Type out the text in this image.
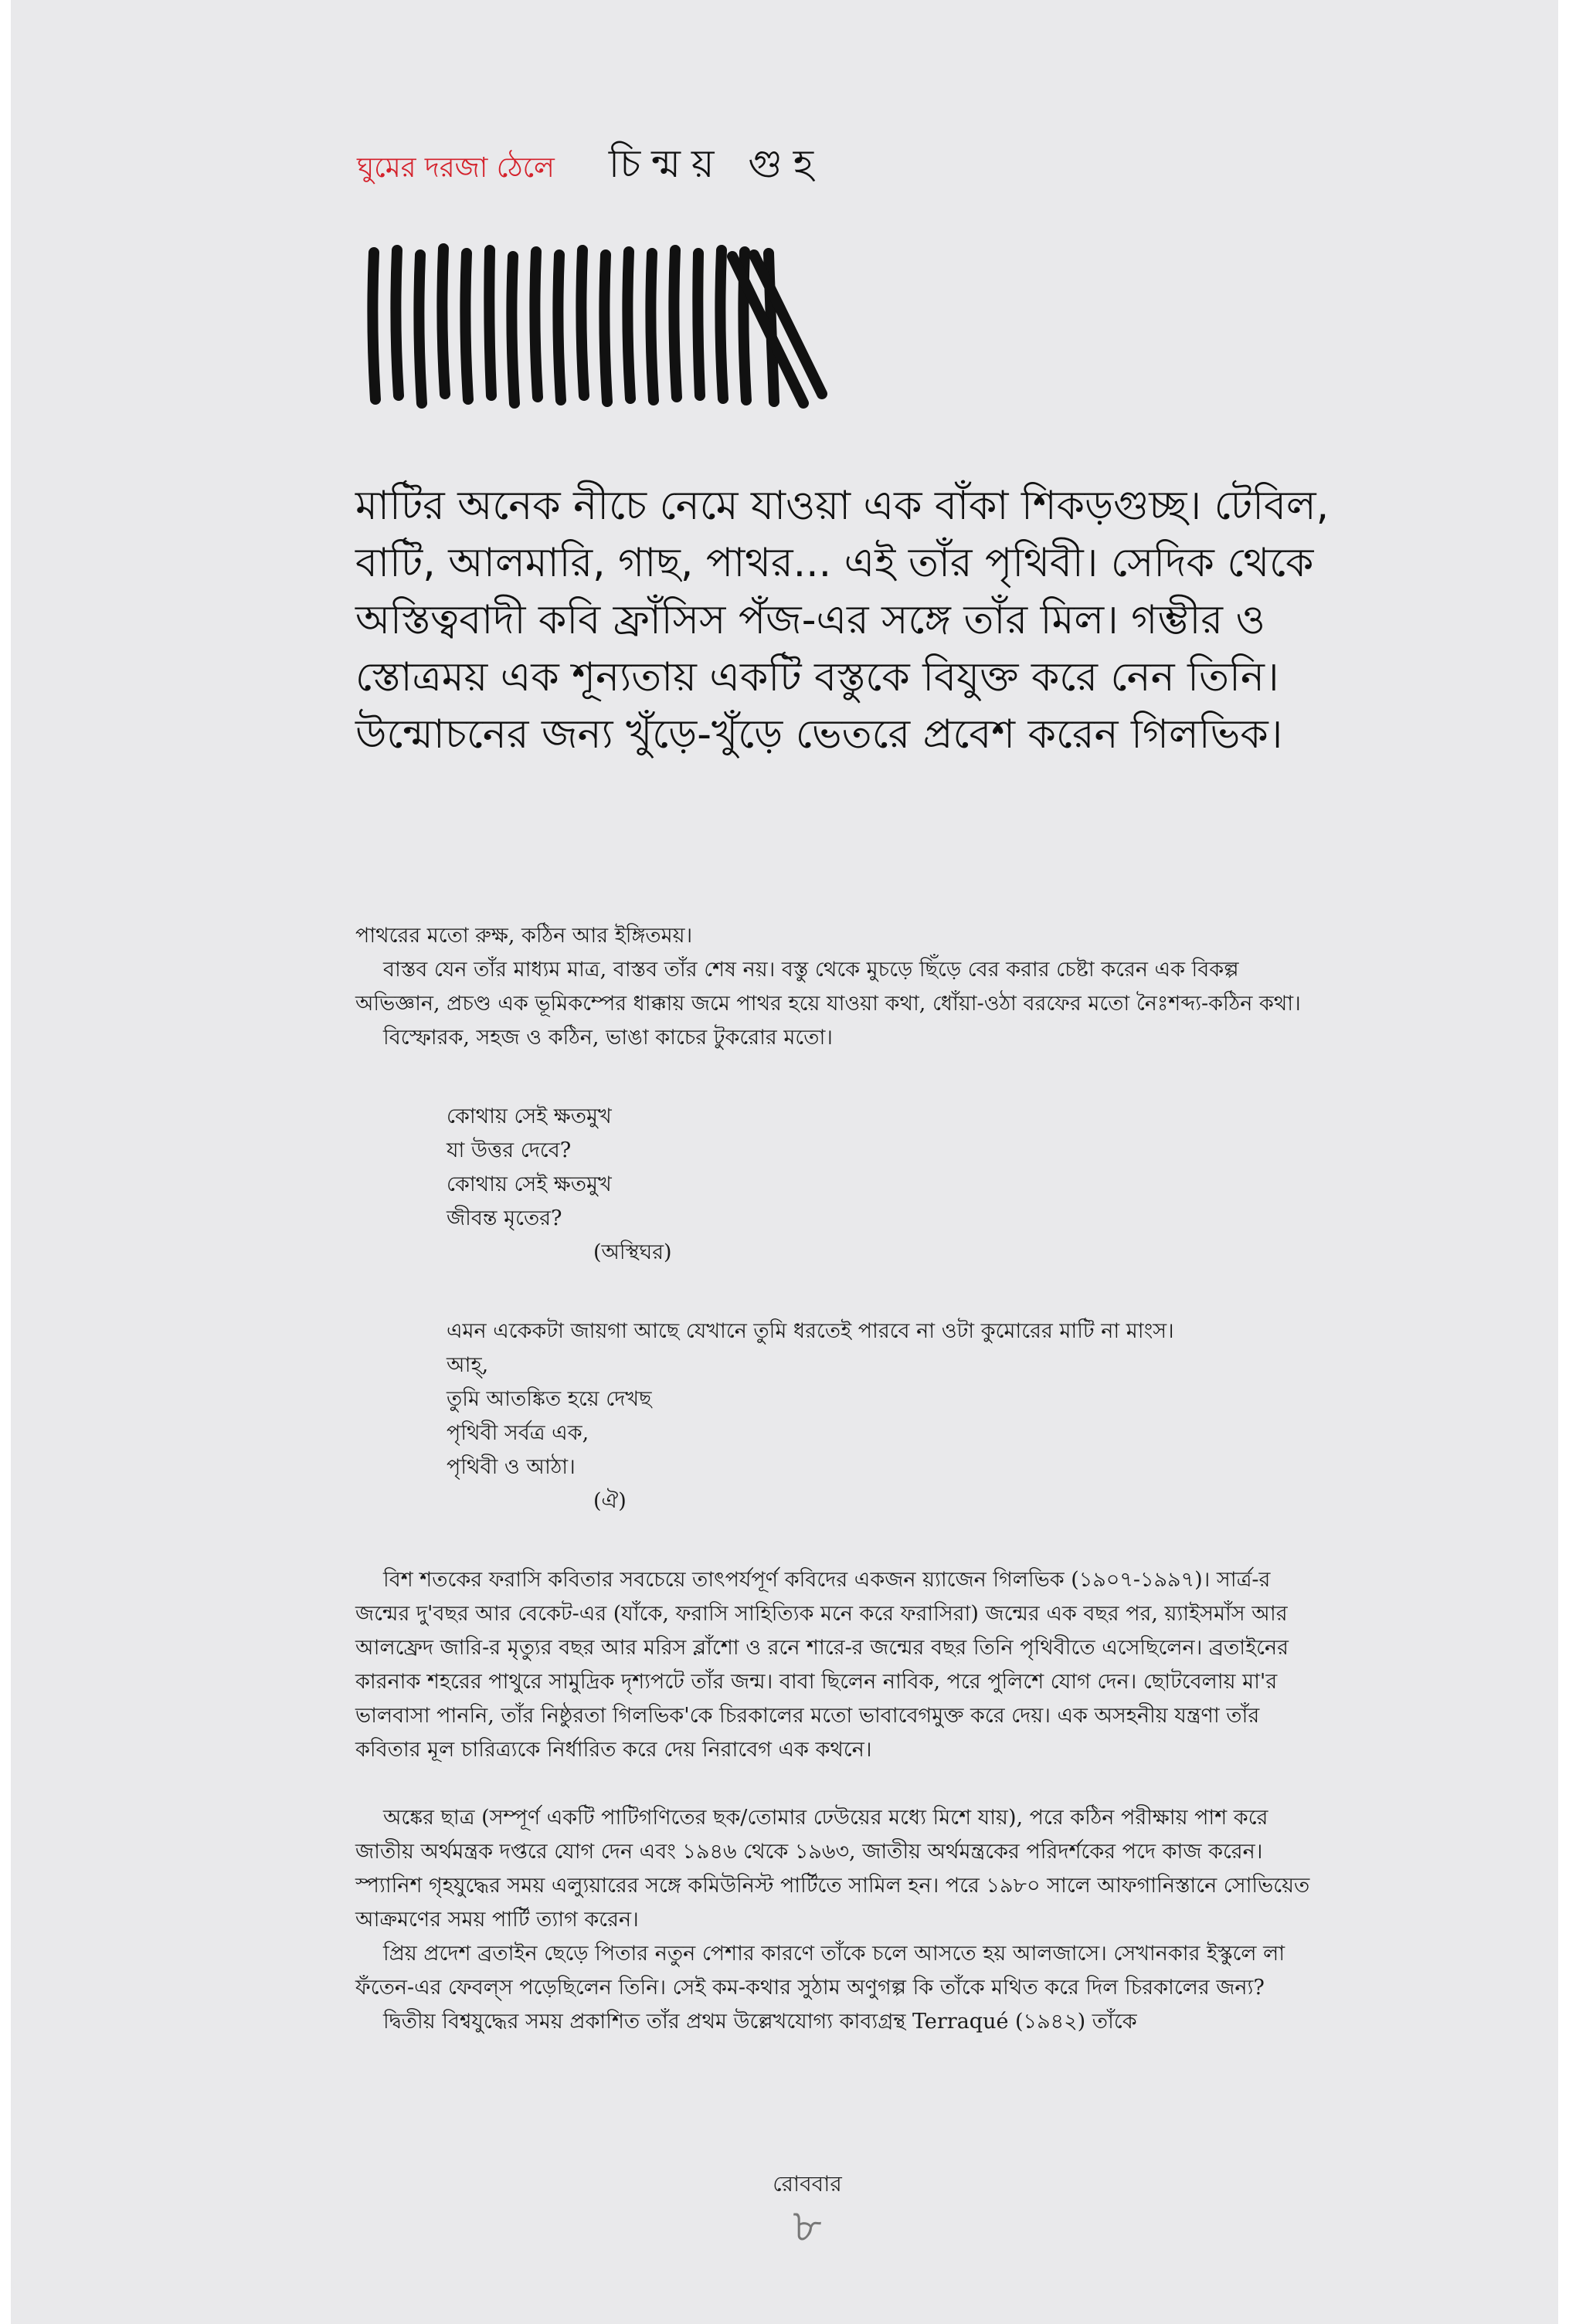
ঘুমের দরজা ঠেলে চিন্ময় গুহ

মাটির অনেক নীচে নেমে যাওয়া এক বাঁকা শিকড়গুচ্ছ। টেবিল,

বাটি, আলমারি, গাছ, পাথর... এই তাঁর পৃথিবী। সেদিক থেকে

অস্তিত্ববাদী কবি ফ্রাঁসিস পঁজ-এর সঙ্গে তাঁর মিল। গম্ভীর ও

স্তোত্রময় এক শূন্যতায় একটি বস্তুকে বিযুক্ত করে নেন তিনি।

উন্মোচনের জন্য খুঁড়ে-খুঁড়ে ভেতরে প্রবেশ করেন গিলভিক।

পাথরের মতো রুক্ষ, কঠিন আর ইঙ্গিতময়।

বাস্তব যেন তাঁর মাধ্যম মাত্র, বাস্তব তাঁর শেষ নয়। বস্তু থেকে মুচড়ে ছিঁড়ে বের করার চেষ্টা করেন এক বিকল্প অভিজ্ঞান, প্রচণ্ড এক ভূমিকম্পের ধাক্কায় জমে পাথর হয়ে যাওয়া কথা, ধোঁয়া-ওঠা বরফের মতো নৈঃশব্দ্য-কঠিন কথা।

বিস্ফোরক, সহজ ও কঠিন, ভাঙা কাচের টুকরোর মতো।

কোথায় সেই ক্ষতমুখ
যা উত্তর দেবে?
কোথায় সেই ক্ষতমুখ
জীবন্ত মৃতের?
(অস্থিঘর)
এমন একেকটা জায়গা আছে যেখানে তুমি ধরতেই পারবে না ওটা কুমোরের মাটি না মাংস।
আহ্,
তুমি আতঙ্কিত হয়ে দেখছ
পৃথিবী সর্বত্র এক,
পৃথিবী ও আঠা।
(ঐ)

বিশ শতকের ফরাসি কবিতার সবচেয়ে তাৎপর্যপূর্ণ কবিদের একজন য়্যাজেন গিলভিক (১৯০৭-১৯৯৭)। সার্ত্র-র জন্মের দু'বছর আর বেকেট-এর (যাঁকে, ফরাসি সাহিত্যিক মনে করে ফরাসিরা) জন্মের এক বছর পর, য়্যাইসমাঁস আর আলফ্রেদ জারি-র মৃত্যুর বছর আর মরিস ব্লাঁশো ও রনে শারে-র জন্মের বছর তিনি পৃথিবীতে এসেছিলেন। ব্রতাইনের কারনাক শহরের পাথুরে সামুদ্রিক দৃশ্যপটে তাঁর জন্ম। বাবা ছিলেন নাবিক, পরে পুলিশে যোগ দেন। ছোটবেলায় মা'র ভালবাসা পাননি, তাঁর নিষ্ঠুরতা গিলভিক'কে চিরকালের মতো ভাবাবেগমুক্ত করে দেয়। এক অসহনীয় যন্ত্রণা তাঁর কবিতার মূল চারিত্র্যকে নির্ধারিত করে দেয় নিরাবেগ এক কথনে।

অঙ্কের ছাত্র (সম্পূর্ণ একটি পাটিগণিতের ছক/তোমার ঢেউয়ের মধ্যে মিশে যায়), পরে কঠিন পরীক্ষায় পাশ করে জাতীয় অর্থমন্ত্রক দপ্তরে যোগ দেন এবং ১৯৪৬ থেকে ১৯৬৩, জাতীয় অর্থমন্ত্রকের পরিদর্শকের পদে কাজ করেন। স্প্যানিশ গৃহযুদ্ধের সময় এল্যুয়ারের সঙ্গে কমিউনিস্ট পার্টিতে সামিল হন। পরে ১৯৮০ সালে আফগানিস্তানে সোভিয়েত আক্রমণের সময় পার্টি ত্যাগ করেন।

প্রিয় প্রদেশ ব্রতাইন ছেড়ে পিতার নতুন পেশার কারণে তাঁকে চলে আসতে হয় আলজাসে। সেখানকার ইস্কুলে লা ফঁতেন-এর ফেবল্‌স পড়েছিলেন তিনি। সেই কম-কথার সুঠাম অণুগল্প কি তাঁকে মথিত করে দিল চিরকালের জন্য?

দ্বিতীয় বিশ্বযুদ্ধের সময় প্রকাশিত তাঁর প্রথম উল্লেখযোগ্য কাব্যগ্রন্থ Terraqué (১৯৪২) তাঁকে

রোববার
৮
